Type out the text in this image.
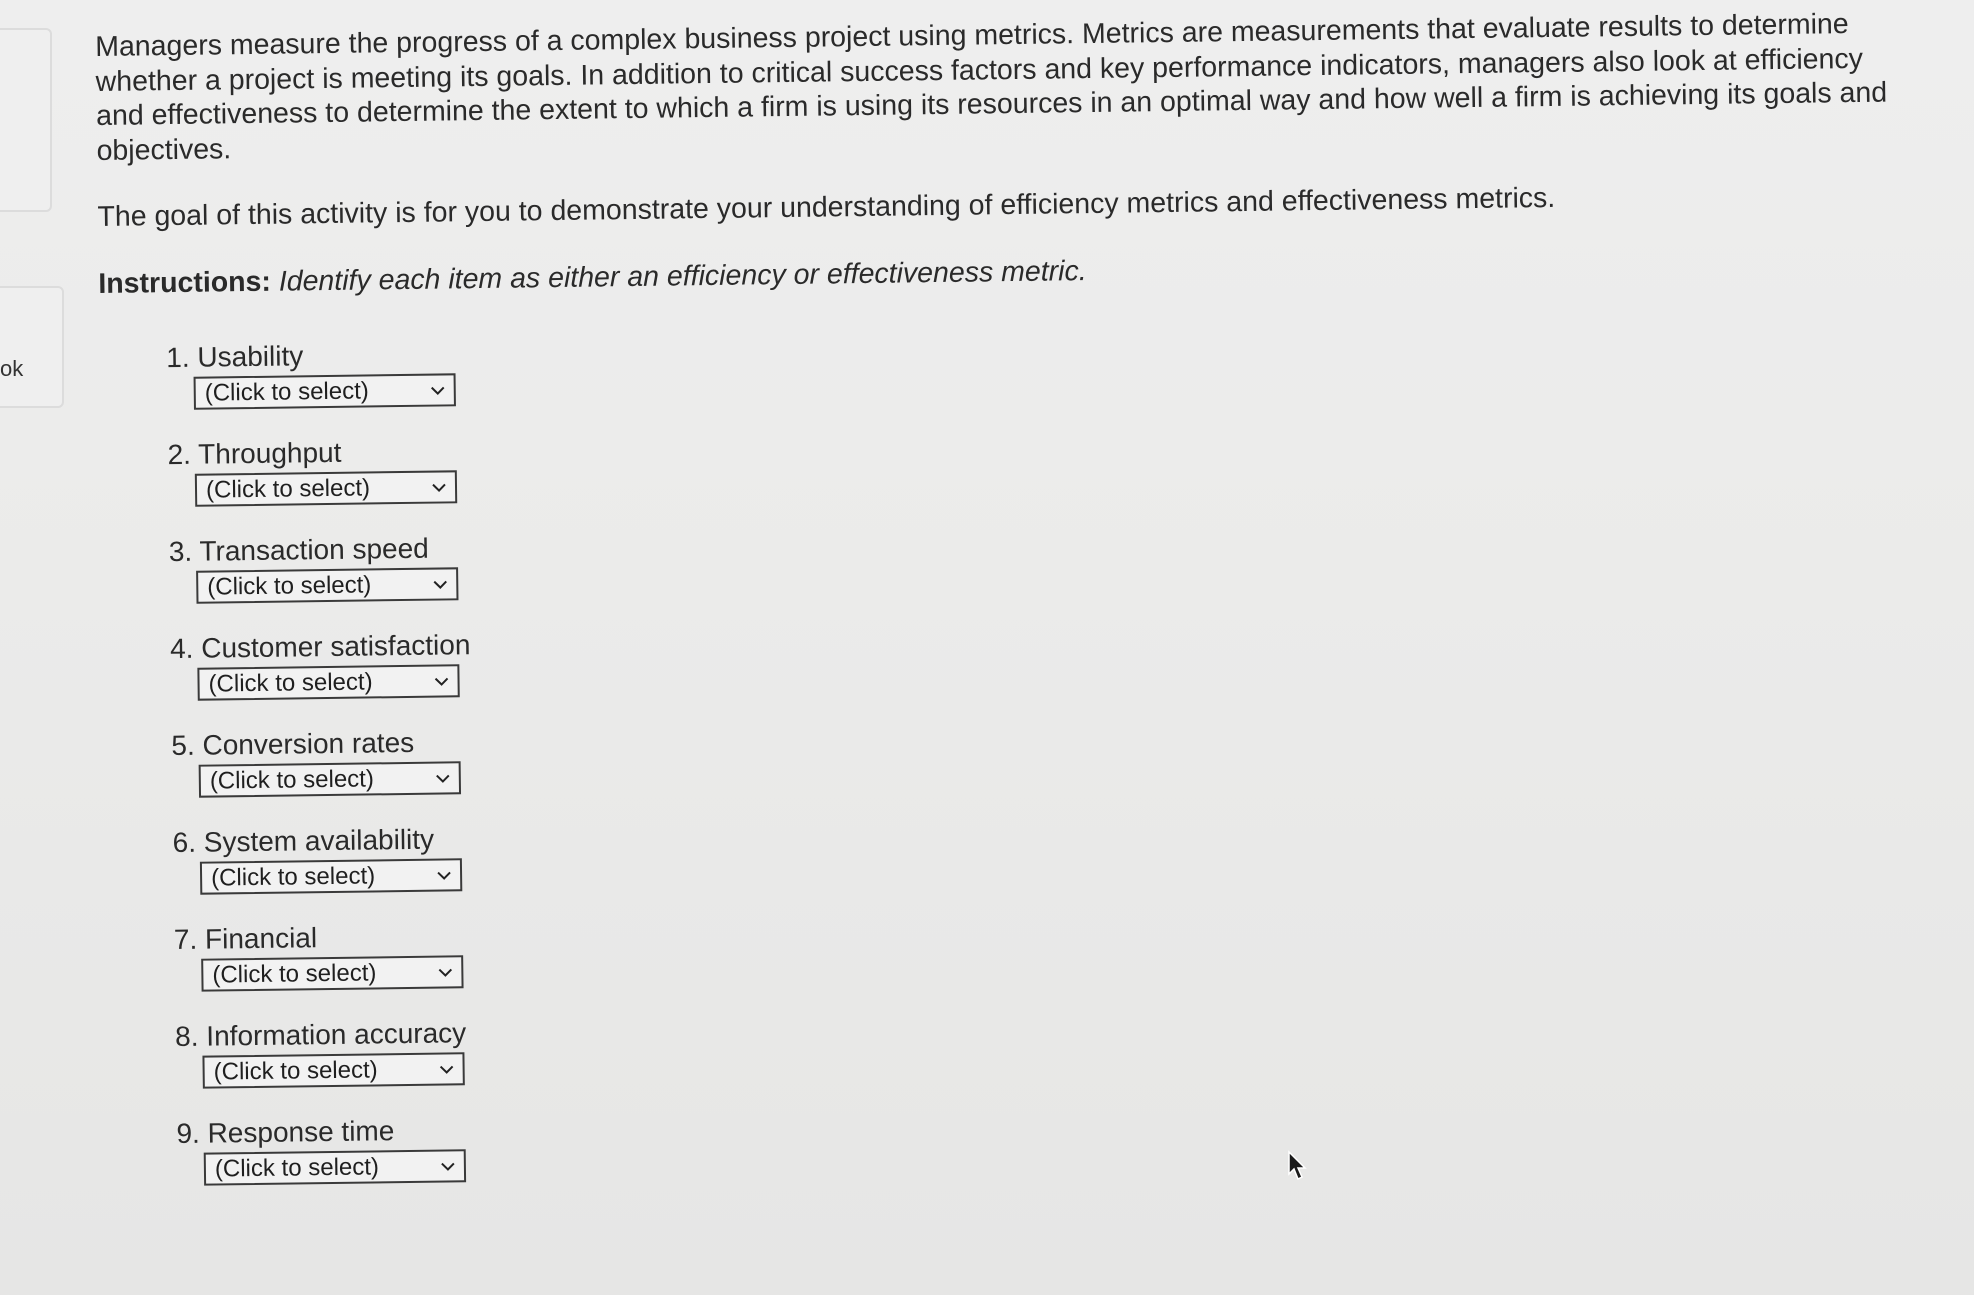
ok

Managers measure the progress of a complex business project using metrics. Metrics are measurements that evaluate results to determine whether a project is meeting its goals. In addition to critical success factors and key performance indicators, managers also look at efficiency and effectiveness to determine the extent to which a firm is using its resources in an optimal way and how well a firm is achieving its goals and objectives.

The goal of this activity is for you to demonstrate your understanding of efficiency metrics and effectiveness metrics.

Instructions: Identify each item as either an efficiency or effectiveness metric.

1. Usability
(Click to select)
2. Throughput
(Click to select)
3. Transaction speed
(Click to select)
4. Customer satisfaction
(Click to select)
5. Conversion rates
(Click to select)
6. System availability
(Click to select)
7. Financial
(Click to select)
8. Information accuracy
(Click to select)
9. Response time
(Click to select)
